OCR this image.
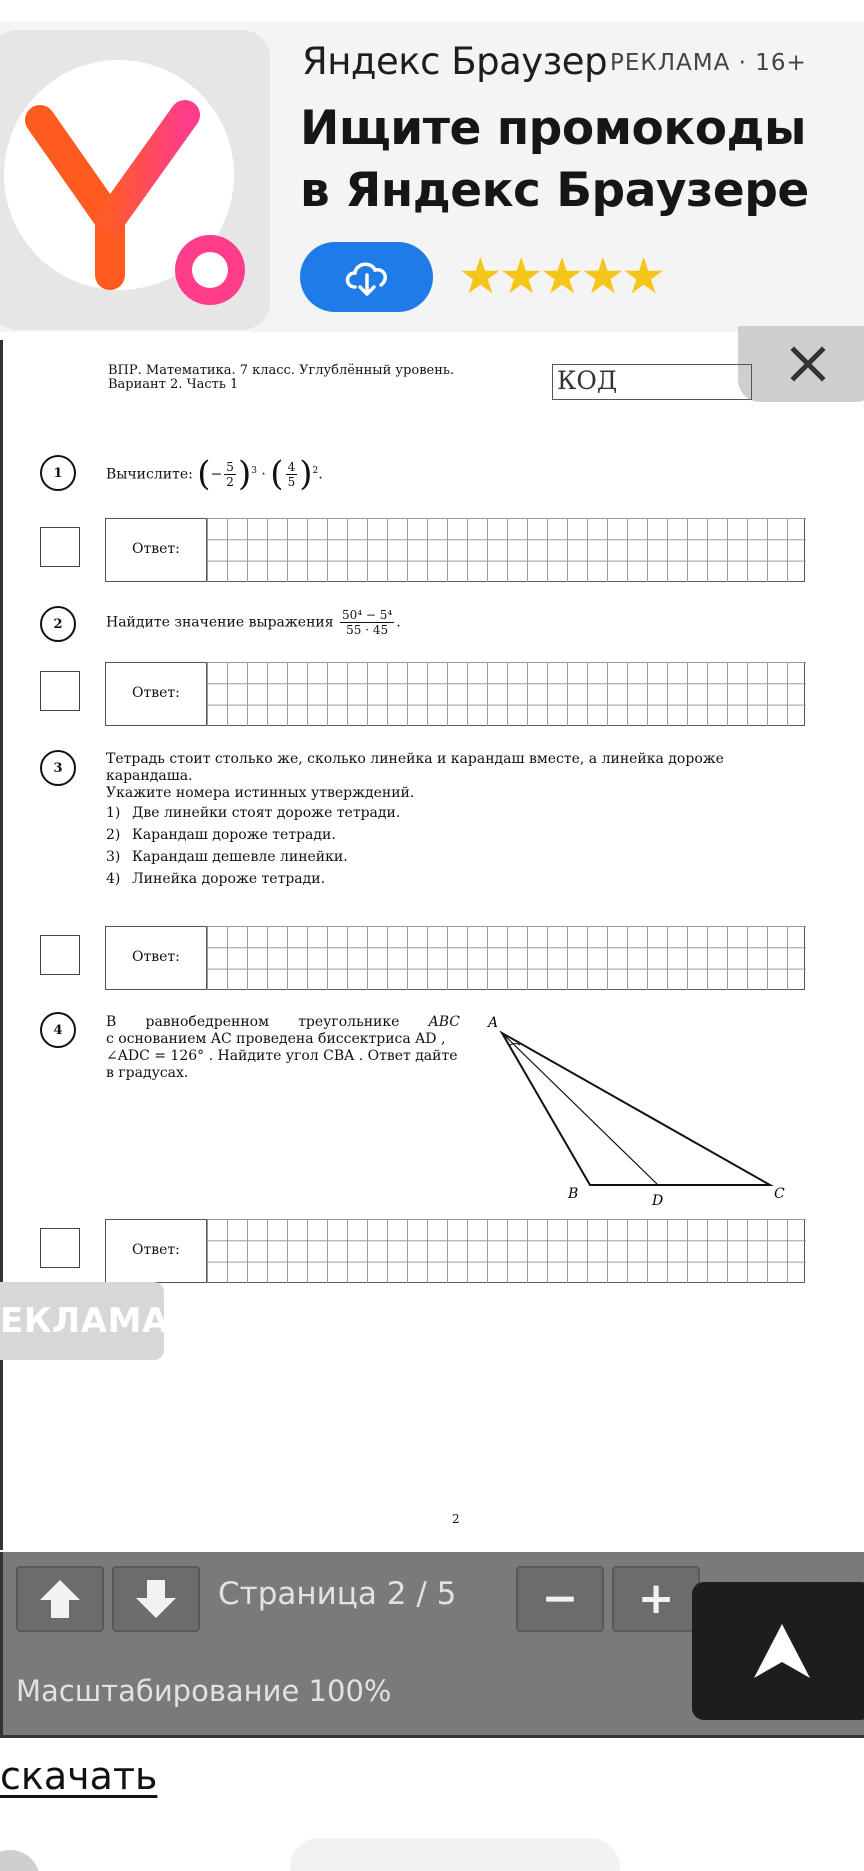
Яндекс Браузер РЕКЛАМА · 16+
Ищите промокоды
в Яндекс Браузере
★★★★★
ВПР. Математика. 7 класс. Углублённый уровень.
Вариант 2. Часть 1	КОД
1	Вычислите: (− $\frac{5}{2} )^3$ · ( $\frac{4}{5} )^2$.
Ответ:
2	Найдите значение выражения $\frac{\text{50⁴ − 5⁴}}{55 \cdot 45}$ .
Ответ:
3
Тетрадь стоит столько же, сколько линейка и карандаш вместе, а линейка дороже карандаша.
Укажите номера истинных утверждений.
1) Две линейки стоят дороже тетради.
2) Карандаш дороже тетради.
3) Карандаш дешевле линейки.
4) Линейка дороже тетради.
Ответ:
4	В равнобедренном треугольнике ABC
с основанием AC проведена биссектриса AD ,
∠ADC = 126° . Найдите угол CBA . Ответ дайте
в градусах.
A
B	C
D
Ответ:
ЕКЛАМА
2
Страница 2 / 5 − +
Масштабирование 100%
скачать
